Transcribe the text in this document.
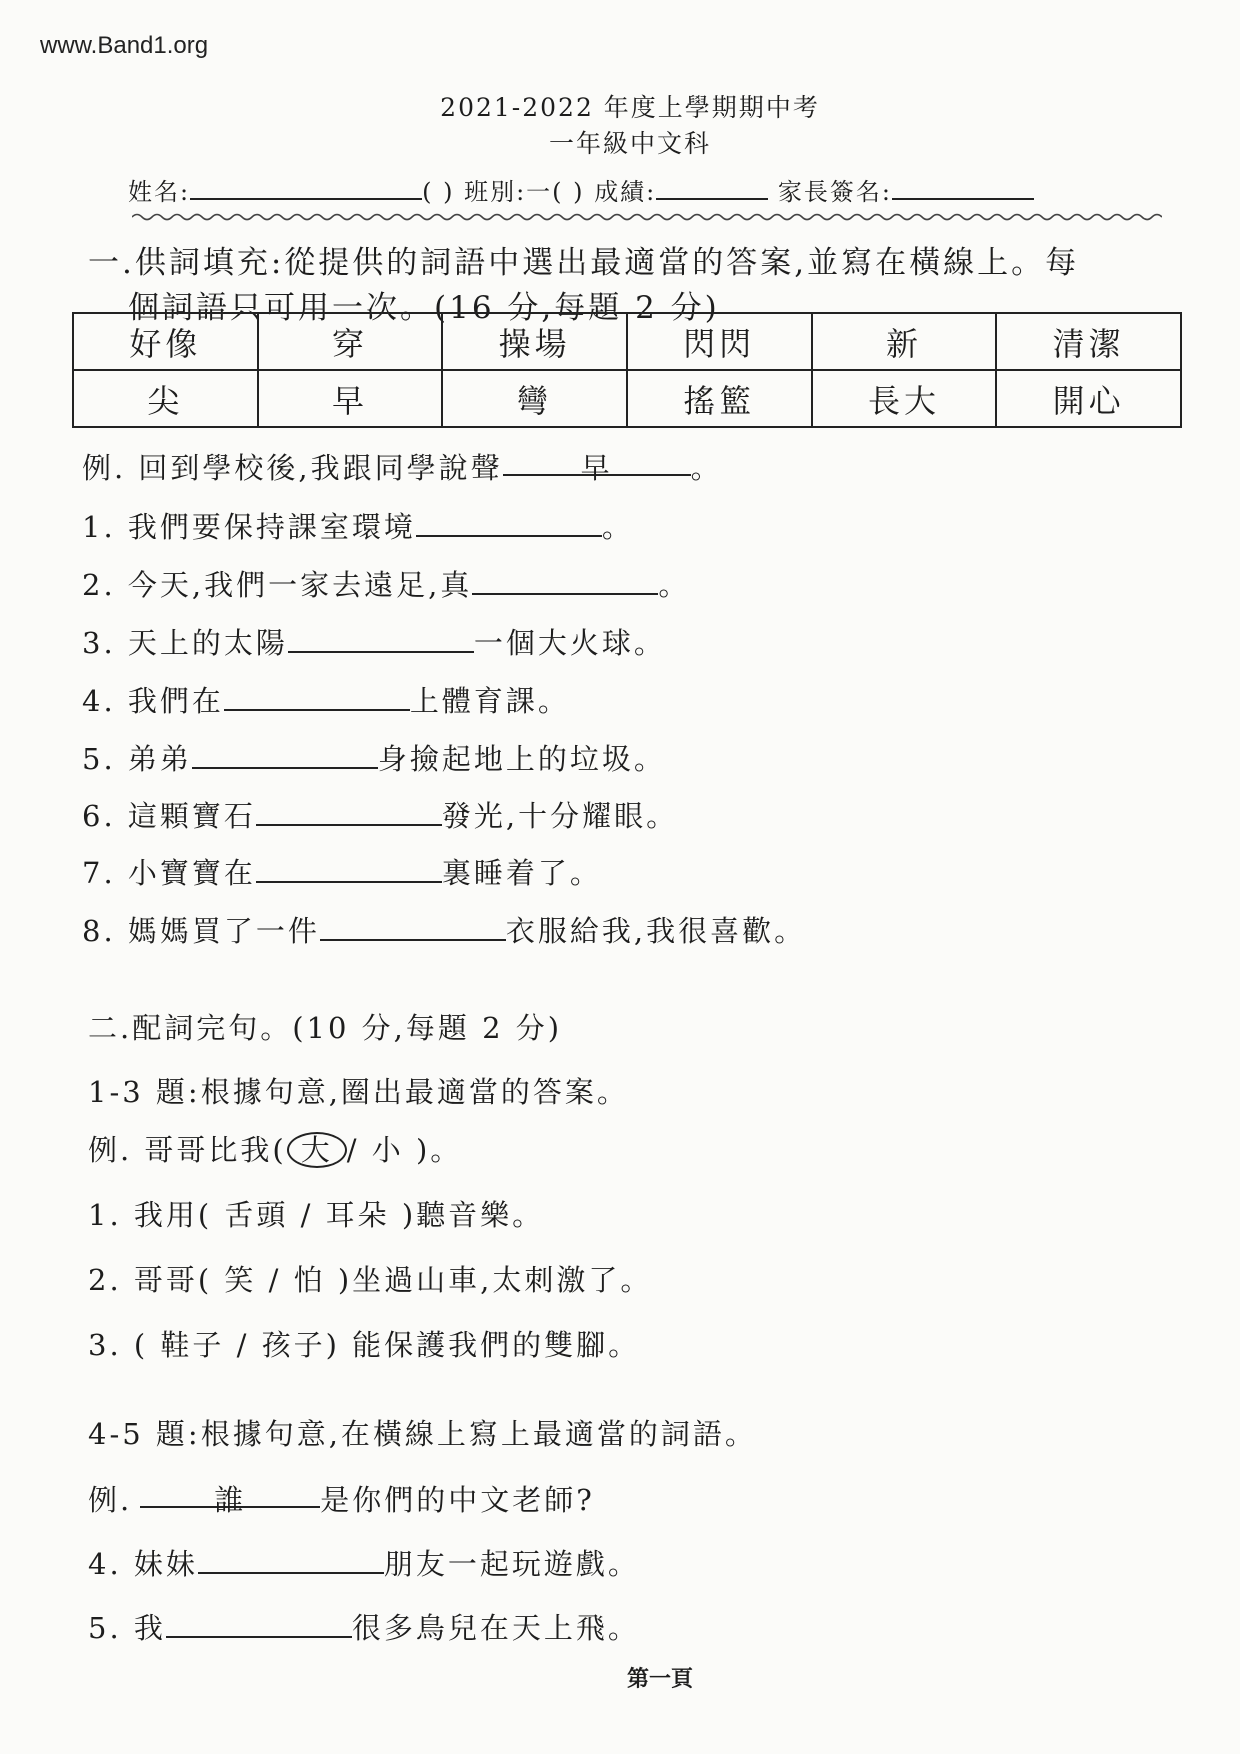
www.Band1.org
2021-2022 年度上學期期中考
一年級中文科
姓名:	( ) 班別:一( ) 成績:	家長簽名:
一.供詞填充:從提供的詞語中選出最適當的答案,並寫在橫線上。每
個詞語只可用一次。(16 分,每題 2 分)
好像	穿	操場	閃閃	新	清潔
尖	早	彎	搖籃	長大	開心
例. 回到學校後,我跟同學說聲	早	。
1. 我們要保持課室環境	。
2. 今天,我們一家去遠足,真	。
3. 天上的太陽	一個大火球。
4. 我們在	上體育課。
5. 弟弟	身撿起地上的垃圾。
6. 這顆寶石	發光,十分耀眼。
7. 小寶寶在	裏睡着了。
8. 媽媽買了一件	衣服給我,我很喜歡。
二.配詞完句。(10 分,每題 2 分)
1-3 題:根據句意,圈出最適當的答案。
例. 哥哥比我( 大 / 小 )。
1. 我用( 舌頭 / 耳朵 )聽音樂。
2. 哥哥( 笑 / 怕 )坐過山車,太刺激了。
3. ( 鞋子 / 孩子) 能保護我們的雙腳。
4-5 題:根據句意,在橫線上寫上最適當的詞語。
例.	誰	是你們的中文老師?
4. 妹妹	朋友一起玩遊戲。
5. 我	很多鳥兒在天上飛。
第一頁
